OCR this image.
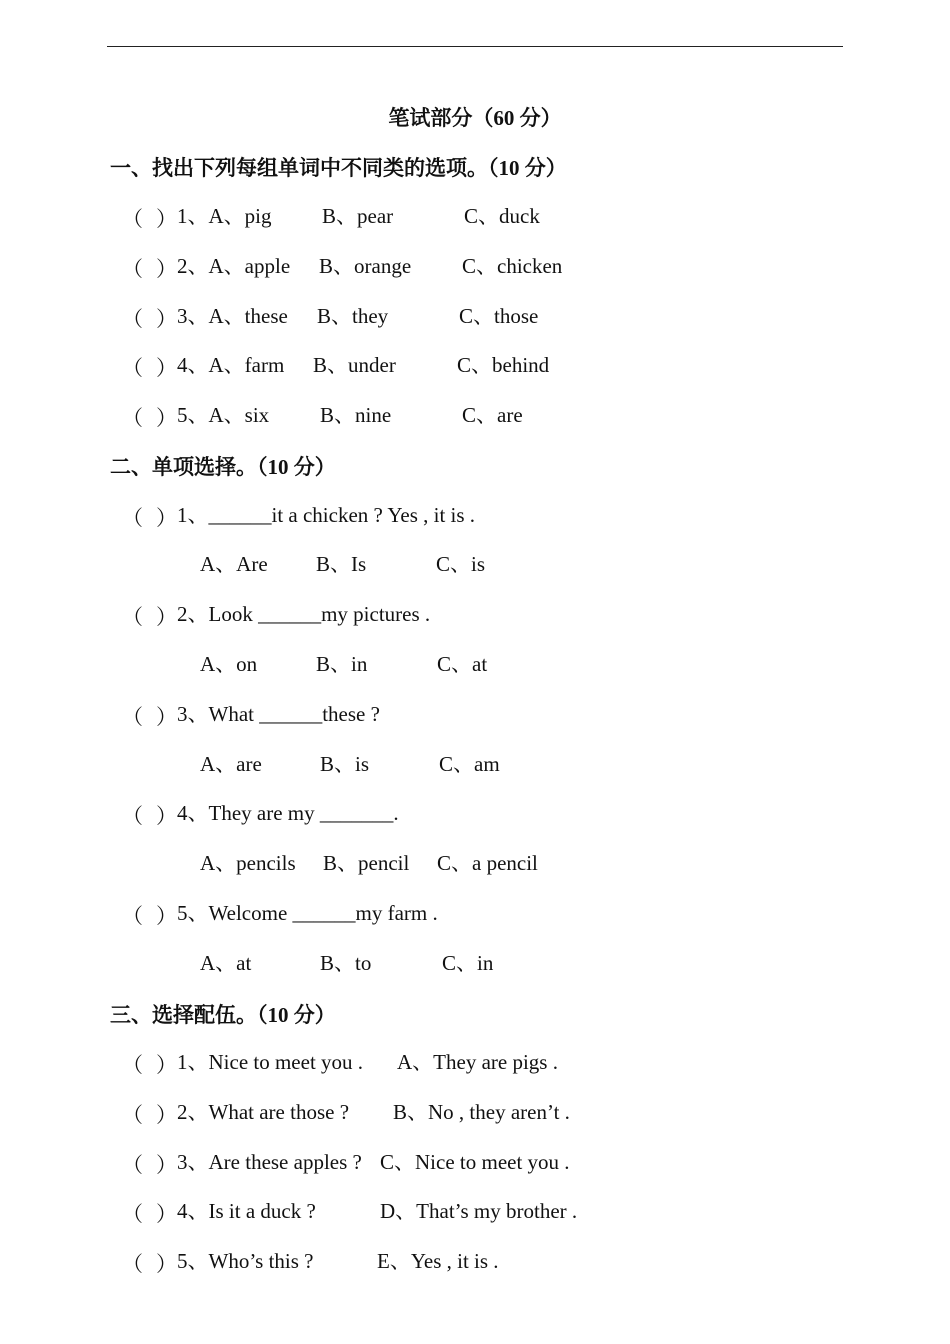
笔试部分（60 分）
一、找出下列每组单词中不同类的选项。（10 分）
（ ） 1、A、pig B、pear	C、duck
（ ） 2、A、apple B、orange C、chicken
（ ） 3、A、these B、they	C、those
（ ） 4、A、farm B、under	C、behind
（ ） 5、A、six B、nine	C、are
二、单项选择。（10 分）
（ ） 1、______it a chicken ? Yes , it is .
A、Are B、Is	C、is
（ ） 2、Look ______my pictures .
A、on	B、in	C、at
（ ） 3、What ______these ?
A、are	B、is	C、am
（ ） 4、They are my _______.
A、pencils B、pencil C、a pencil
（ ） 5、Welcome ______my farm .
A、at	B、to	C、in
三、选择配伍。（10 分）
（ ） 1、Nice to meet you . A、They are pigs .
（ ） 2、What are those ? B、No , they aren’t .
（ ） 3、Are these apples ? C、Nice to meet you .
（ ） 4、Is it a duck ?	D、That’s my brother .
（ ） 5、Who’s this ?	E、Yes , it is .
